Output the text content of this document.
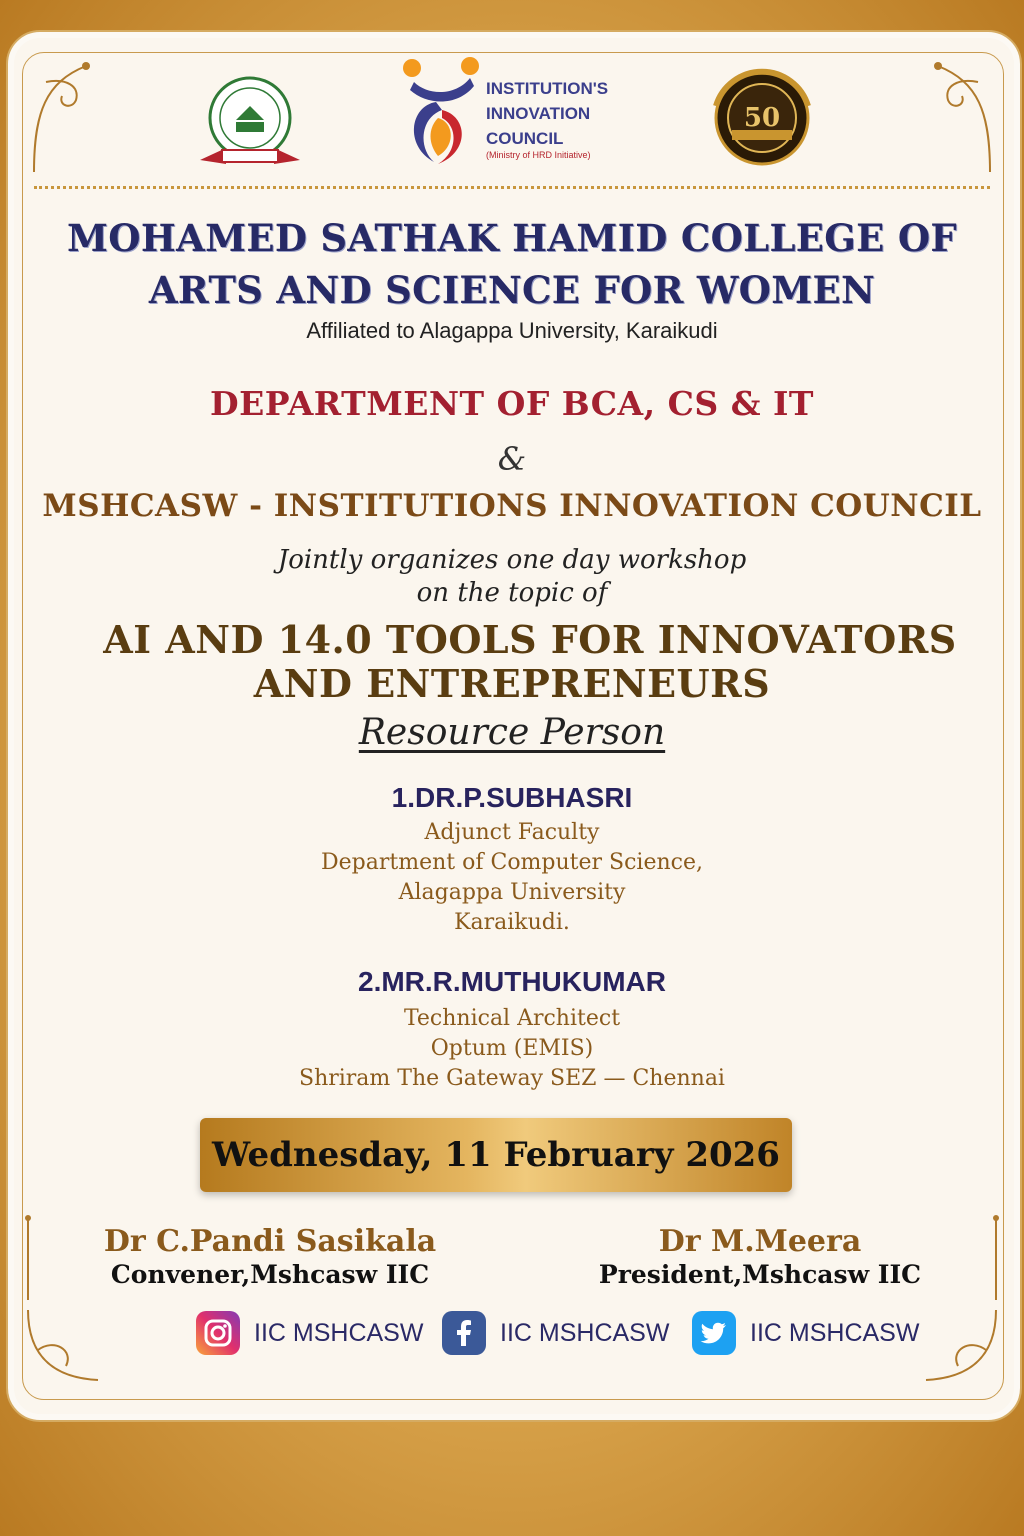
INSTITUTION'S
INNOVATION
COUNCIL
(Ministry of HRD Initiative)
50
MOHAMED SATHAK HAMID COLLEGE OF
ARTS AND SCIENCE FOR WOMEN
Affiliated to Alagappa University, Karaikudi
DEPARTMENT OF BCA, CS & IT
&
MSHCASW - INSTITUTIONS INNOVATION COUNCIL
Jointly organizes one day workshop
on the topic of
AI AND 14.0 TOOLS FOR INNOVATORS
AND ENTREPRENEURS
Resource Person
1.DR.P.SUBHASRI
Adjunct Faculty
Department of Computer Science,
Alagappa University
Karaikudi.
2.MR.R.MUTHUKUMAR
Technical Architect
Optum (EMIS)
Shriram The Gateway SEZ — Chennai
Wednesday, 11 February 2026
Dr C.Pandi Sasikala
Convener,Mshcasw IIC
Dr M.Meera
President,Mshcasw IIC
IIC MSHCASW	IIC MSHCASW	IIC MSHCASW
